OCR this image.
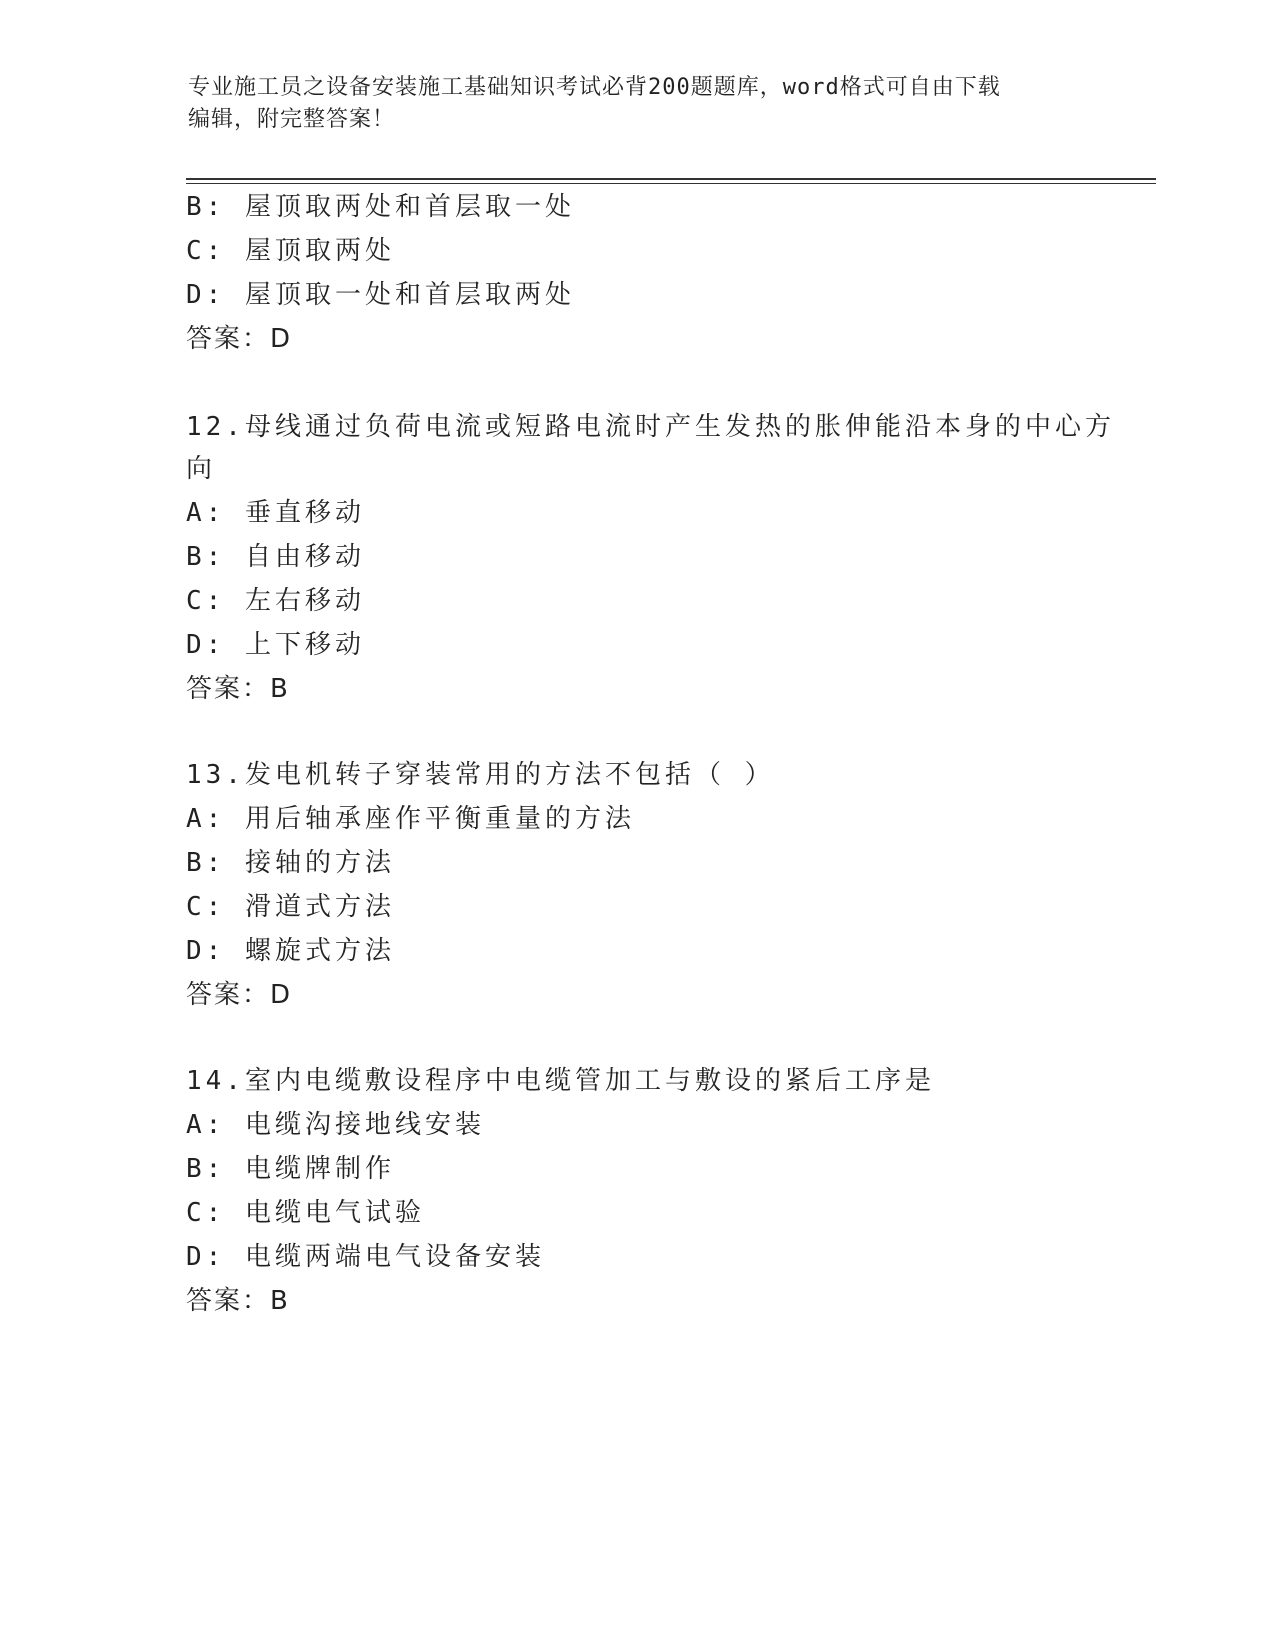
专业施工员之设备安装施工基础知识考试必背200题题库，word格式可自由下载
编辑，附完整答案！
B: 屋顶取两处和首层取一处
C: 屋顶取两处
D: 屋顶取一处和首层取两处
答案：D
12.母线通过负荷电流或短路电流时产生发热的胀伸能沿本身的中心方
向
A: 垂直移动
B: 自由移动
C: 左右移动
D: 上下移动
答案：B
13.发电机转子穿装常用的方法不包括（ ）
A: 用后轴承座作平衡重量的方法
B: 接轴的方法
C: 滑道式方法
D: 螺旋式方法
答案：D
14.室内电缆敷设程序中电缆管加工与敷设的紧后工序是
A: 电缆沟接地线安装
B: 电缆牌制作
C: 电缆电气试验
D: 电缆两端电气设备安装
答案：B
